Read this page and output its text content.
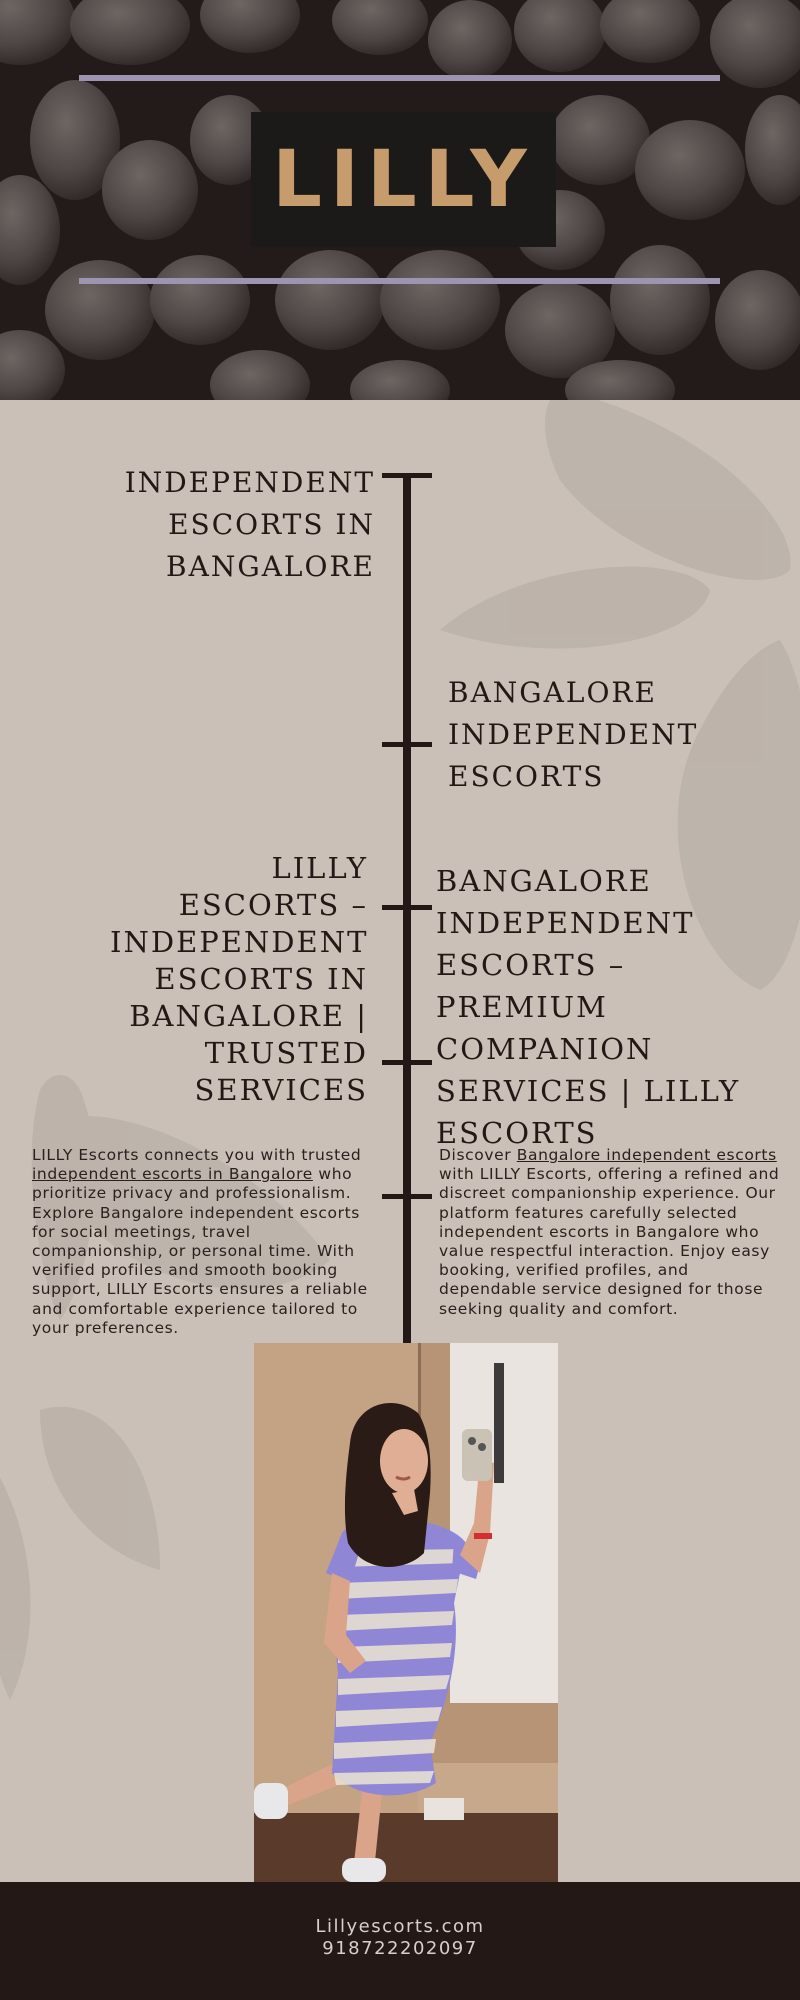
LILLY
INDEPENDENT ESCORTS IN BANGALORE
BANGALORE INDEPENDENT ESCORTS
LILLY ESCORTS – INDEPENDENT ESCORTS IN BANGALORE | TRUSTED SERVICES
BANGALORE INDEPENDENT ESCORTS – PREMIUM COMPANION SERVICES | LILLY ESCORTS
LILLY Escorts connects you with trusted independent escorts in Bangalore who prioritize privacy and professionalism. Explore Bangalore independent escorts for social meetings, travel companionship, or personal time. With verified profiles and smooth booking support, LILLY Escorts ensures a reliable and comfortable experience tailored to your preferences.
Discover Bangalore independent escorts with LILLY Escorts, offering a refined and discreet companionship experience. Our platform features carefully selected independent escorts in Bangalore who value respectful interaction. Enjoy easy booking, verified profiles, and dependable service designed for those seeking quality and comfort.
Lillyescorts.com
918722202097
